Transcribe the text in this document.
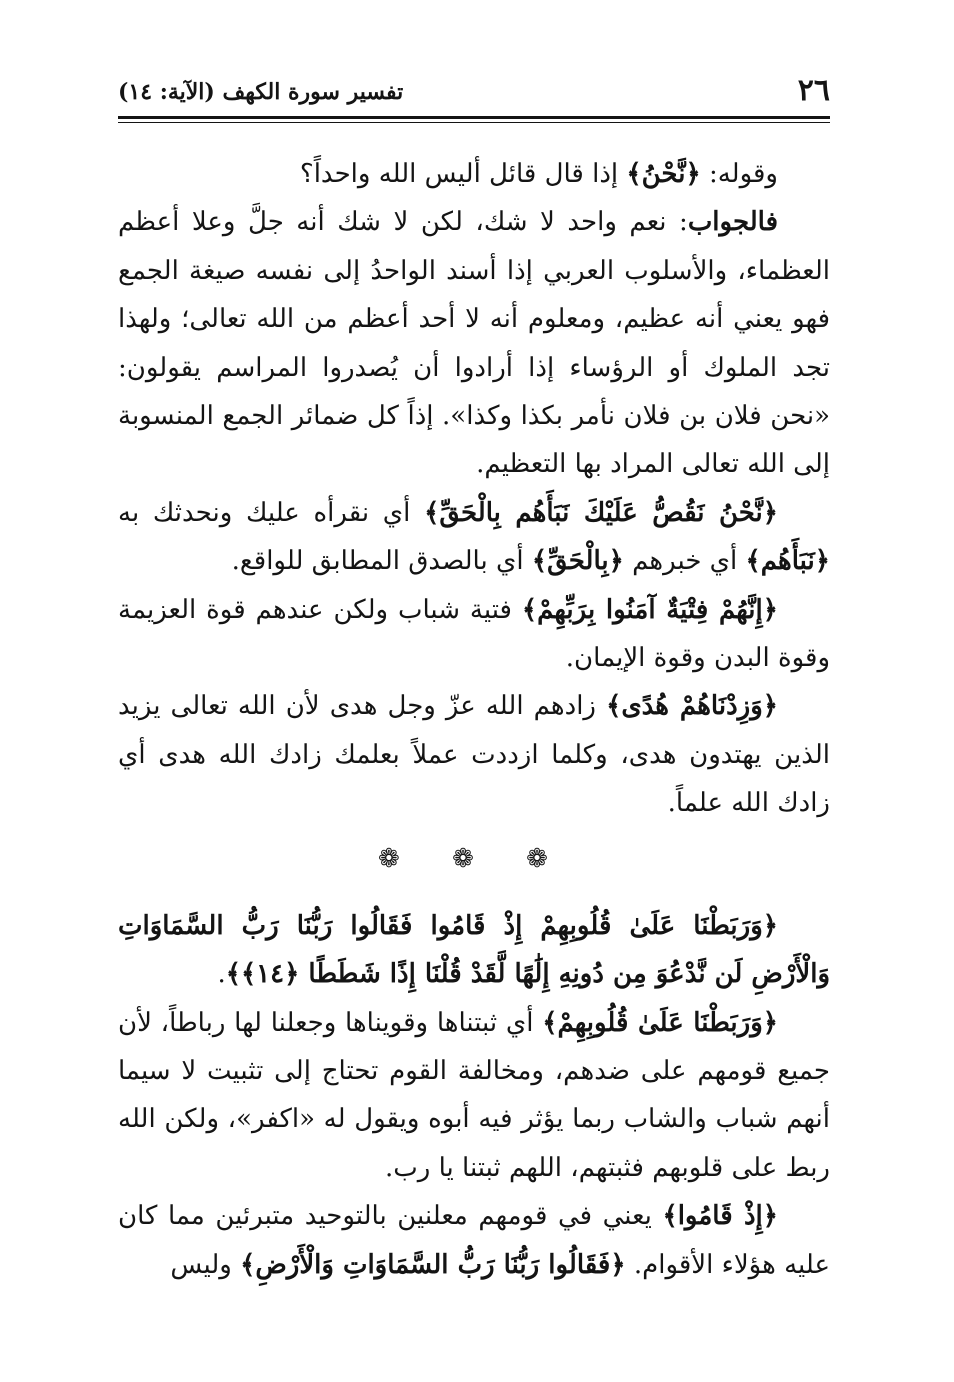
٢٦
تفسير سورة الكهف (الآية: ١٤)

وقوله: ﴿نَّحْنُ﴾ إذا قال قائل أليس الله واحداً؟

فالجواب: نعم واحد لا شك، لكن لا شك أنه جلَّ وعلا أعظم العظماء، والأسلوب العربي إذا أسند الواحدُ إلى نفسه صيغة الجمع فهو يعني أنه عظيم، ومعلوم أنه لا أحد أعظم من الله تعالى؛ ولهذا تجد الملوك أو الرؤساء إذا أرادوا أن يُصدروا المراسم يقولون: «نحن فلان بن فلان نأمر بكذا وكذا». إذاً كل ضمائر الجمع المنسوبة إلى الله تعالى المراد بها التعظيم.

﴿نَّحْنُ نَقُصُّ عَلَيْكَ نَبَأَهُم بِالْحَقِّ﴾ أي نقرأه عليك ونحدثك به ﴿نَبَأَهُم﴾ أي خبرهم ﴿بِالْحَقِّ﴾ أي بالصدق المطابق للواقع.

﴿إِنَّهُمْ فِتْيَةٌ آمَنُوا بِرَبِّهِمْ﴾ فتية شباب ولكن عندهم قوة العزيمة وقوة البدن وقوة الإيمان.

﴿وَزِدْنَاهُمْ هُدًى﴾ زادهم الله عزّ وجل هدى لأن الله تعالى يزيد الذين يهتدون هدى، وكلما ازددت عملاً بعلمك زادك الله هدى أي زادك الله علماً.

❁ ❁ ❁

﴿وَرَبَطْنَا عَلَىٰ قُلُوبِهِمْ إِذْ قَامُوا فَقَالُوا رَبُّنَا رَبُّ السَّمَاوَاتِ وَالْأَرْضِ لَن نَّدْعُوَ مِن دُونِهِ إِلَٰهًا لَّقَدْ قُلْنَا إِذًا شَطَطًا ﴿١٤﴾﴾.

﴿وَرَبَطْنَا عَلَىٰ قُلُوبِهِمْ﴾ أي ثبتناها وقويناها وجعلنا لها رباطاً، لأن جميع قومهم على ضدهم، ومخالفة القوم تحتاج إلى تثبيت لا سيما أنهم شباب والشاب ربما يؤثر فيه أبوه ويقول له «اكفر»، ولكن الله ربط على قلوبهم فثبتهم، اللهم ثبتنا يا رب.

﴿إِذْ قَامُوا﴾ يعني في قومهم معلنين بالتوحيد متبرئين مما كان عليه هؤلاء الأقوام. ﴿فَقَالُوا رَبُّنَا رَبُّ السَّمَاوَاتِ وَالْأَرْضِ﴾ وليس
